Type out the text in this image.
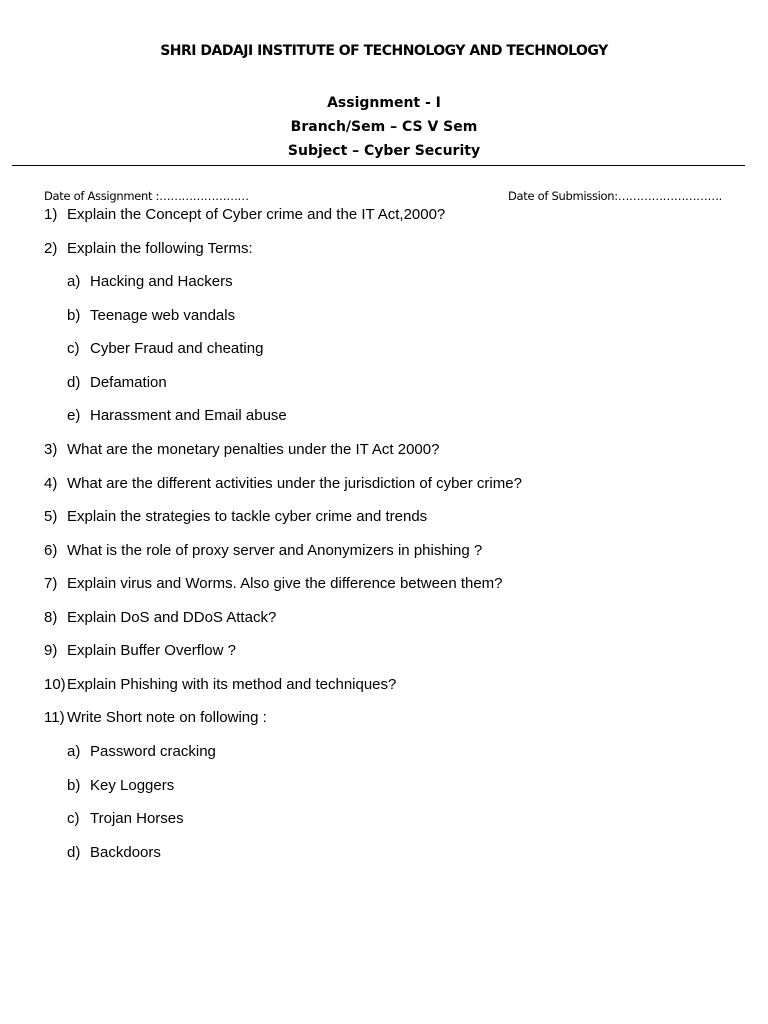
SHRI DADAJI INSTITUTE OF TECHNOLOGY AND TECHNOLOGY
Assignment - I
Branch/Sem – CS V Sem
Subject – Cyber Security
Date of Assignment :……………………	Date of Submission:……………………….
1) Explain the Concept of Cyber crime and the IT Act,2000?
2) Explain the following Terms:
a) Hacking and Hackers
b) Teenage web vandals
c) Cyber Fraud and cheating
d) Defamation
e) Harassment and Email abuse
3) What are the monetary penalties under the IT Act 2000?
4) What are the different activities under the jurisdiction of cyber crime?
5) Explain the strategies to tackle cyber crime and trends
6) What is the role of proxy server and Anonymizers in phishing ?
7) Explain virus and Worms. Also give the difference between them?
8) Explain DoS and DDoS Attack?
9) Explain Buffer Overflow ?
10) Explain Phishing with its method and techniques?
11) Write Short note on following :
a) Password cracking
b) Key Loggers
c) Trojan Horses
d) Backdoors
